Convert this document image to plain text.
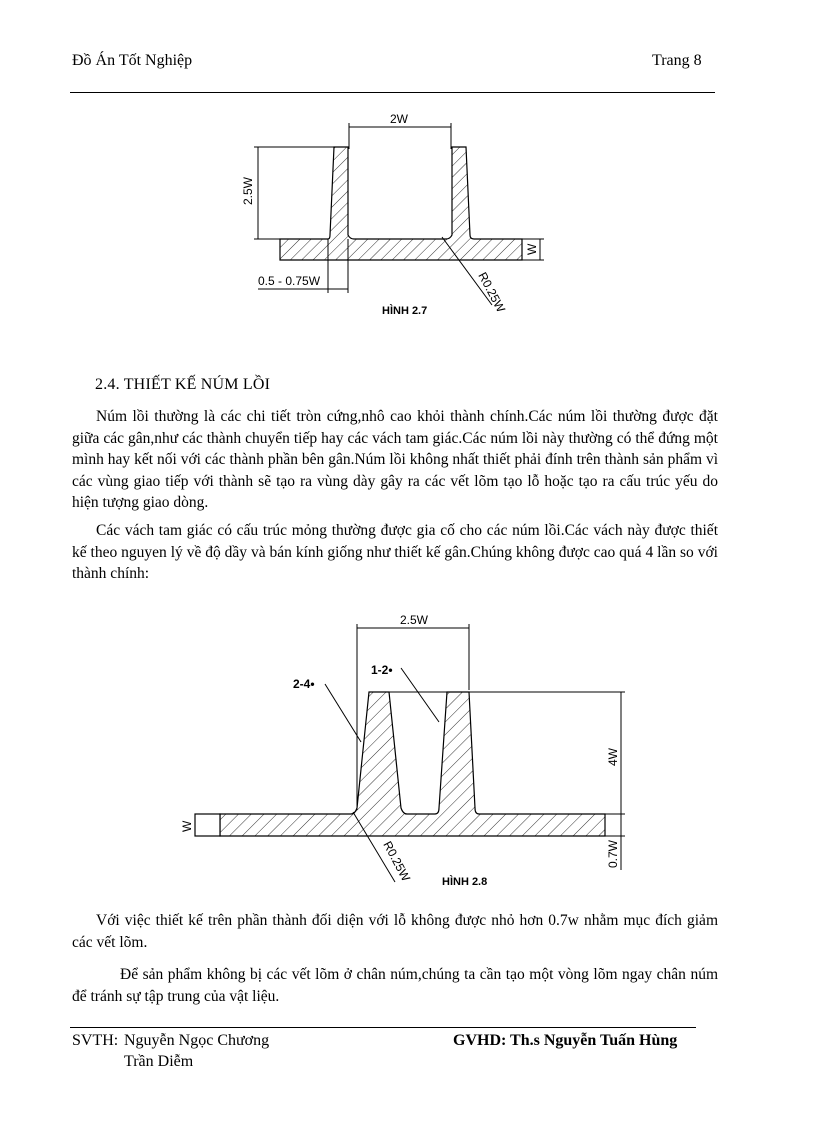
Đồ Án Tốt Nghiệp	Trang 8
2W
2.5W
0.5 - 0.75W
W
R0.25W
HÌNH 2.7
2.4. THIẾT KẾ NÚM LỒI
Núm lồi thường là các chi tiết tròn cứng,nhô cao khỏi thành chính.Các núm lồi thường được đặt giữa các gân,như các thành chuyển tiếp hay các vách tam giác.Các núm lồi này thường có thể đứng một mình hay kết nối với các thành phần bên gân.Núm lồi không nhất thiết phải đính trên thành sản phẩm vì các vùng giao tiếp với thành sẽ tạo ra vùng dày gây ra các vết lõm tạo lỗ hoặc tạo ra cấu trúc yếu do hiện tượng giao dòng.
Các vách tam giác có cấu trúc mỏng thường được gia cố cho các núm lồi.Các vách này được thiết kế theo nguyen lý về độ dầy và bán kính giống như thiết kế gân.Chúng không được cao quá 4 lần so với thành chính:
2.5W
2-4•
1-2•
4W
0.7W
W
R0.25W	HÌNH 2.8
Với việc thiết kế trên phần thành đối diện với lỗ không được nhỏ hơn 0.7w nhằm mục đích giảm các vết lõm.
Để sản phẩm không bị các vết lõm ở chân núm,chúng ta cần tạo một vòng lõm ngay chân núm để tránh sự tập trung của vật liệu.
SVTH: Nguyễn Ngọc Chương
Trần Diễm
GVHD: Th.s Nguyễn Tuấn Hùng
